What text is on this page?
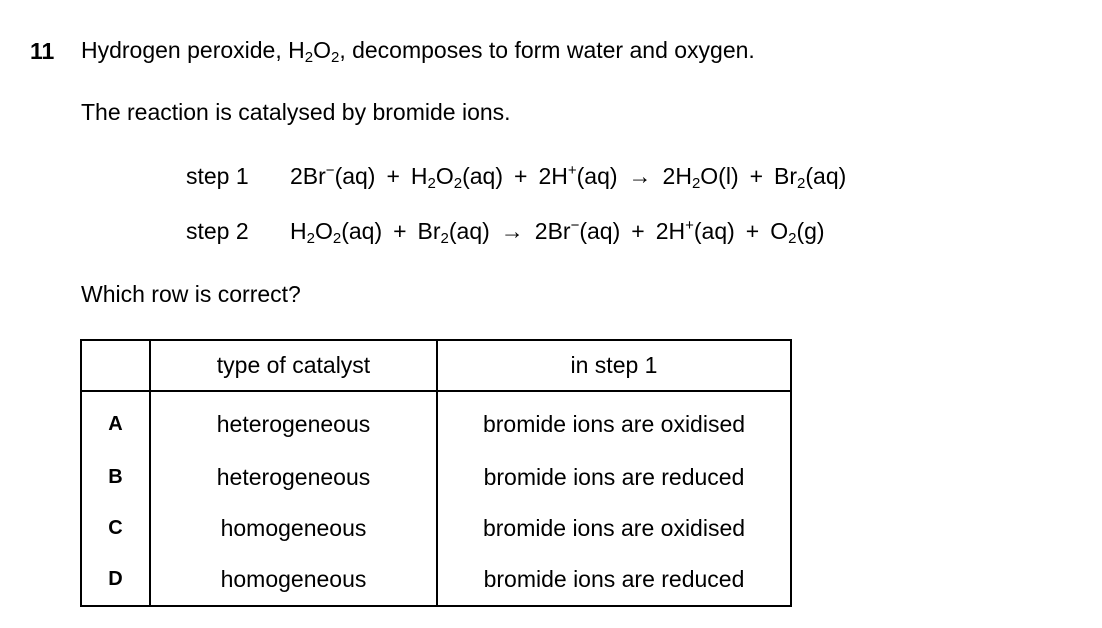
11 Hydrogen peroxide, $H_2O_2$, decomposes to form water and oxygen.
The reaction is catalysed by bromide ions.
step 1 $2Br^-(aq) + H_2O_2(aq) + 2H^+(aq) \to 2H_2O(l) + Br_2(aq)$
step 2 $H_2O_2(aq) + Br_2(aq) \to 2Br^-(aq) + 2H^+(aq) + O_2(g)$
Which row is correct?
	type of catalyst	in step 1
A	heterogeneous	bromide ions are oxidised
B	heterogeneous	bromide ions are reduced
C	homogeneous	bromide ions are oxidised
D	homogeneous	bromide ions are reduced
